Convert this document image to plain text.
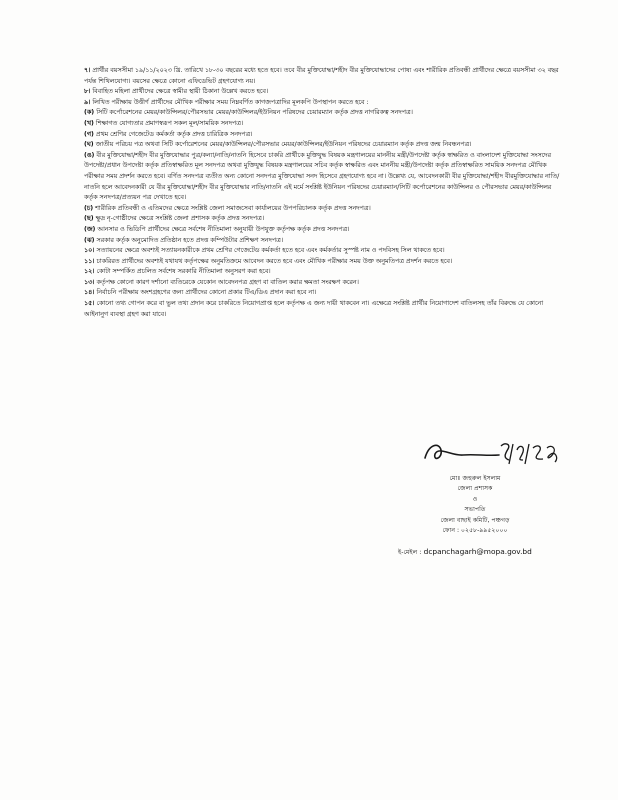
৭। প্রার্থীর বয়সসীমা ১৯/১১/২০২৩ খ্রি. তারিখে ১৮-৩০ বছরের মধ্যে হতে হবে। তবে বীর মুক্তিযোদ্ধা/শহীদ বীর মুক্তিযোদ্ধাদের পোষ্য এবং শারীরিক প্রতিবন্ধী প্রার্থীদের ক্ষেত্রে বয়সসীমা ৩২ বছর পর্যন্ত শিথিলযোগ্য। বয়সের ক্ষেত্রে কোনো এফিডেভিট গ্রহণযোগ্য নয়।

৮। বিবাহিত মহিলা প্রার্থীদের ক্ষেত্রে স্বামীর স্থায়ী ঠিকানা উল্লেখ করতে হবে।

৯। লিখিত পরীক্ষায় উত্তীর্ণ প্রার্থীদের মৌখিক পরীক্ষার সময় নিম্নবর্ণিত কাগজপত্রাদির মূলকপি উপস্থাপন করতে হবে :

(ক) সিটি কর্পোরেশনের মেয়র/কাউন্সিলর/পৌরসভার মেয়র/কাউন্সিলর/ইউনিয়ন পরিষদের চেয়ারম্যান কর্তৃক প্রদত্ত নাগরিকত্ব সনদপত্র।

(খ) শিক্ষাগত যোগ্যতার প্রমাণস্বরূপ সকল মূল/সাময়িক সনদপত্র।

(গ) প্রথম শ্রেণির গেজেটেড কর্মকর্তা কর্তৃক প্রদত্ত চারিত্রিক সনদপত্র।

(ঘ) জাতীয় পরিচয় পত্র অথবা সিটি কর্পোরেশনের মেয়র/কাউন্সিলর/পৌরসভার মেয়র/কাউন্সিলর/ইউনিয়ন পরিষদের চেয়ারম্যান কর্তৃক প্রদত্ত জন্ম নিবন্ধনপত্র।

(ঙ) বীর মুক্তিযোদ্ধা/শহীদ বীর মুক্তিযোদ্ধার পুত্র/কন্যা/নাতি/নাতনি হিসেবে চাকরি প্রার্থীকে মুক্তিযুদ্ধ বিষয়ক মন্ত্রণালয়ের মাননীয় মন্ত্রী/উপদেষ্টা কর্তৃক স্বাক্ষরিত ও বাংলাদেশ মুক্তিযোদ্ধা সংসদের উপদেষ্টা/প্রধান উপদেষ্টা কর্তৃক প্রতিস্বাক্ষরিত মূল সনদপত্র অথবা মুক্তিযুদ্ধ বিষয়ক মন্ত্রণালয়ের সচিব কর্তৃক স্বাক্ষরিত এবং মাননীয় মন্ত্রী/উপদেষ্টা কর্তৃক প্রতিস্বাক্ষরিত সাময়িক সনদপত্র মৌখিক পরীক্ষার সময় প্রদর্শন করতে হবে। বর্ণিত সনদপত্র ব্যতীত অন্য কোনো সনদপত্র মুক্তিযোদ্ধা সনদ হিসেবে গ্রহণযোগ্য হবে না। উল্লেখ্য যে, আবেদনকারী বীর মুক্তিযোদ্ধা/শহীদ বীরমুক্তিযোদ্ধার নাতি/নাতনি হলে আবেদনকারী যে বীর মুক্তিযোদ্ধা/শহীদ বীর মুক্তিযোদ্ধার নাতি/নাতনি এই মর্মে সংশ্লিষ্ট ইউনিয়ন পরিষদের চেয়ারম্যান/সিটি কর্পোরেশনের কাউন্সিলর ও পৌরসভার মেয়র/কাউন্সিলর কর্তৃক সনদপত্র/প্রত্যয়ন পত্র দেখাতে হবে।

(চ) শারীরিক প্রতিবন্ধী ও এতিমদের ক্ষেত্রে সংশ্লিষ্ট জেলা সমাজসেবা কার্যালয়ের উপপরিচালক কর্তৃক প্রদত্ত সনদপত্র।

(ছ) ক্ষুদ্র নৃ-গোষ্ঠীদের ক্ষেত্রে সংশ্লিষ্ট জেলা প্রশাসক কর্তৃক প্রদত্ত সনদপত্র।

(জ) আনসার ও ভিডিপি প্রার্থীদের ক্ষেত্রে সর্বশেষ নীতিমালা অনুযায়ী উপযুক্ত কর্তৃপক্ষ কর্তৃক প্রদত্ত সনদপত্র।

(ঝ) সরকার কর্তৃক অনুমোদিত প্রতিষ্ঠান হতে প্রদত্ত কম্পিউটার প্রশিক্ষণ সনদপত্র।

১০। সত্যায়নের ক্ষেত্রে অবশ্যই সত্যায়নকারীকে প্রথম শ্রেণির গেজেটেড কর্মকর্তা হতে হবে এবং কর্মকর্তার সুস্পষ্ট নাম ও পদবিসহ সিল থাকতে হবে।

১১। চাকরিরত প্রার্থীদের অবশ্যই যথাযথ কর্তৃপক্ষের অনুমতিক্রমে আবেদন করতে হবে এবং মৌখিক পরীক্ষার সময় উক্ত অনুমতিপত্র প্রদর্শন করতে হবে।

১২। কোটা সম্পর্কিত প্রচলিত সর্বশেষ সরকারি নীতিমালা অনুসরণ করা হবে।

১৩। কর্তৃপক্ষ কোনো কারণ দর্শানো ব্যতিরেকে যেকোন আবেদনপত্র গ্রহণ বা বাতিল করার ক্ষমতা সংরক্ষণ করেন।

১৪। নির্বাচনি পরীক্ষায় অংশগ্রহণের জন্য প্রার্থীদের কোনো প্রকার টিএ/ডিএ প্রদান করা হবে না।

১৫। কোনো তথ্য গোপন করে বা ভুল তথ্য প্রদান করে চাকরিতে নিয়োগপ্রাপ্ত হলে কর্তৃপক্ষ এ জন্য দায়ী থাকবেন না। এক্ষেত্রে সংশ্লিষ্ট প্রার্থীর নিয়োগাদেশ বাতিলসহ তাঁর বিরুদ্ধে যে কোনো আইনানুগ ব্যবস্থা গ্রহণ করা যাবে।

মোঃ জহুরুল ইসলাম
জেলা প্রশাসক
ও
সভাপতি
জেলা বাছাই কমিটি, পঞ্চগড়
ফোন : ০২৫৮-৯৯৫২০০০
ই-মেইল : dcpanchagarh@mopa.gov.bd
